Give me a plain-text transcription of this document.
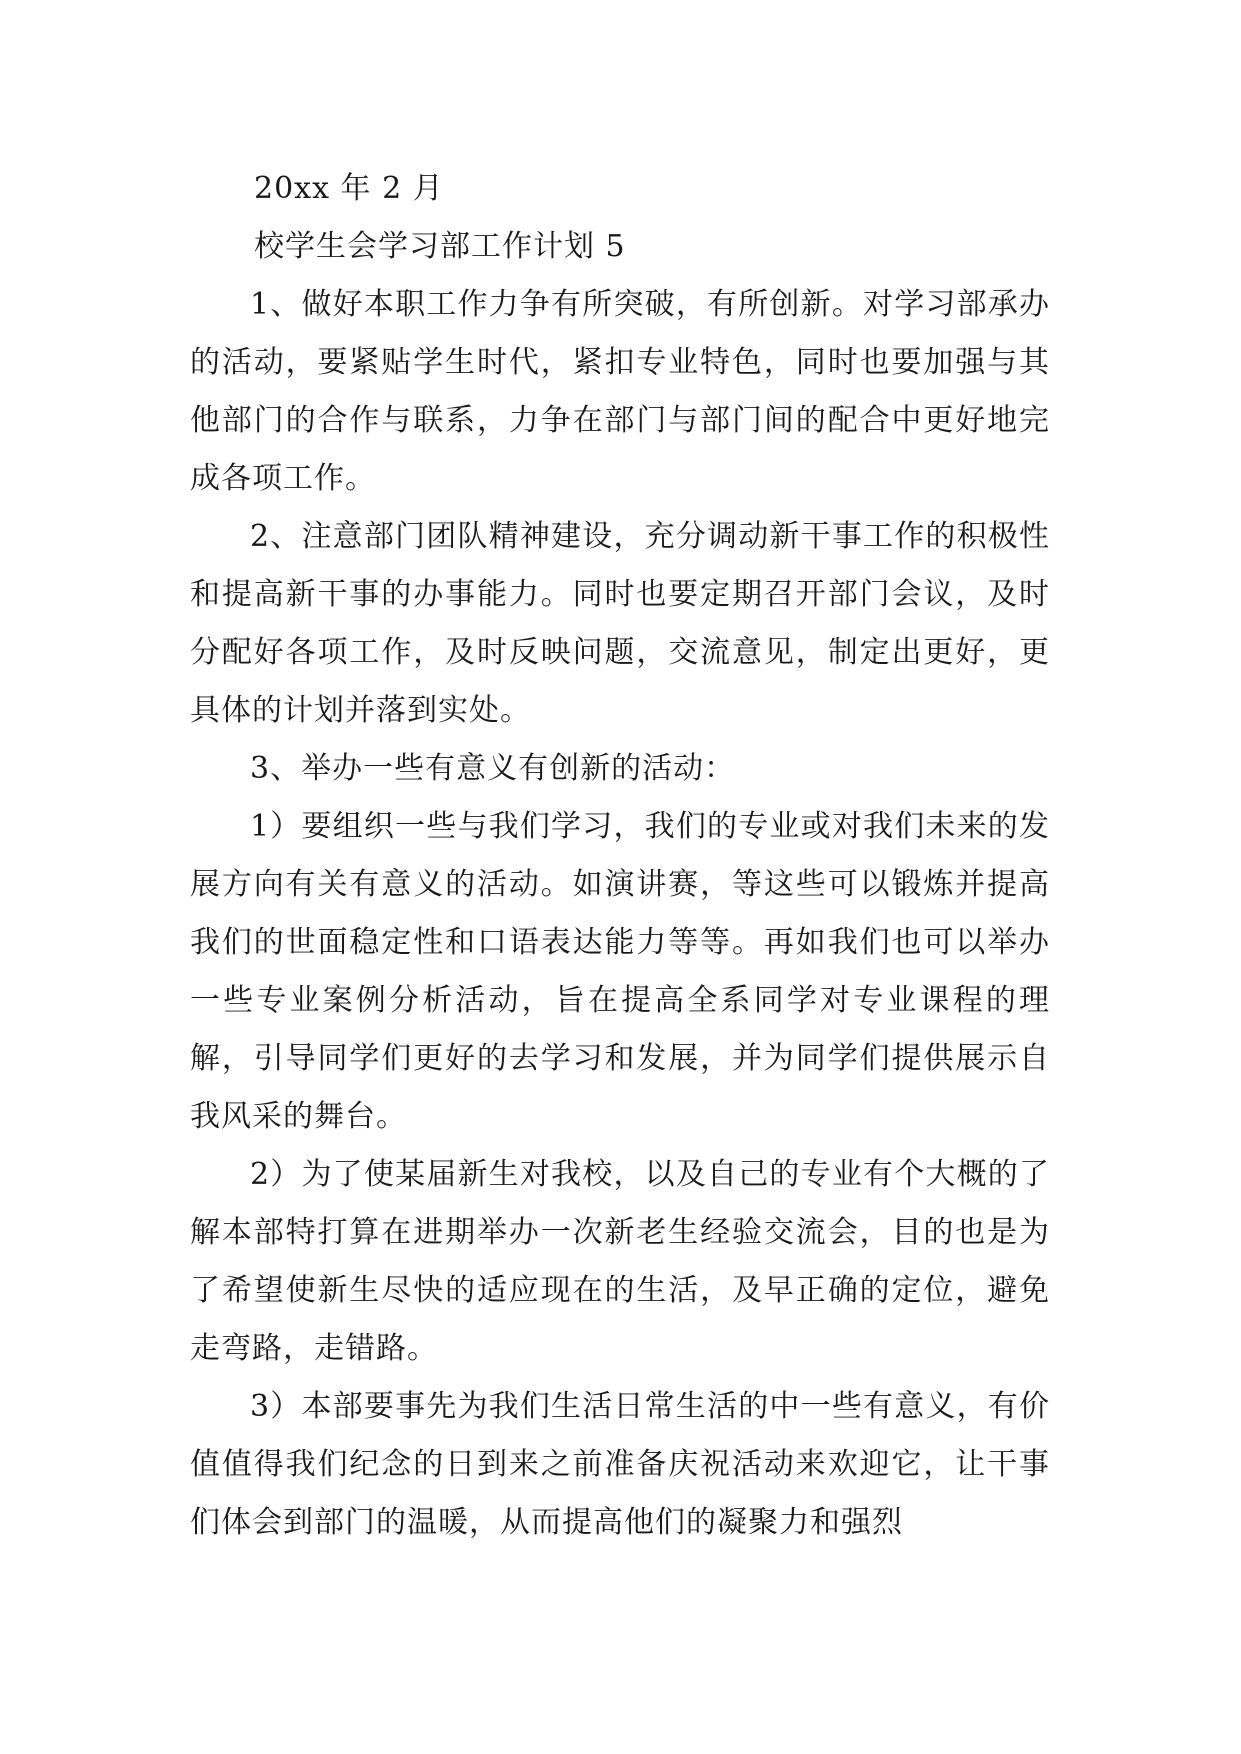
20xx 年 2 月
校学生会学习部工作计划 5

1、做好本职工作力争有所突破，有所创新。对学习部承办的活动，要紧贴学生时代，紧扣专业特色，同时也要加强与其他部门的合作与联系，力争在部门与部门间的配合中更好地完成各项工作。

2、注意部门团队精神建设，充分调动新干事工作的积极性和提高新干事的办事能力。同时也要定期召开部门会议，及时分配好各项工作，及时反映问题，交流意见，制定出更好，更具体的计划并落到实处。

3、举办一些有意义有创新的活动：

1）要组织一些与我们学习，我们的专业或对我们未来的发展方向有关有意义的活动。如演讲赛，等这些可以锻炼并提高我们的世面稳定性和口语表达能力等等。再如我们也可以举办一些专业案例分析活动，旨在提高全系同学对专业课程的理解，引导同学们更好的去学习和发展，并为同学们提供展示自我风采的舞台。

2）为了使某届新生对我校，以及自己的专业有个大概的了解本部特打算在进期举办一次新老生经验交流会，目的也是为了希望使新生尽快的适应现在的生活，及早正确的定位，避免走弯路，走错路。

3）本部要事先为我们生活日常生活的中一些有意义，有价值值得我们纪念的日到来之前准备庆祝活动来欢迎它，让干事们体会到部门的温暖，从而提高他们的凝聚力和强烈
